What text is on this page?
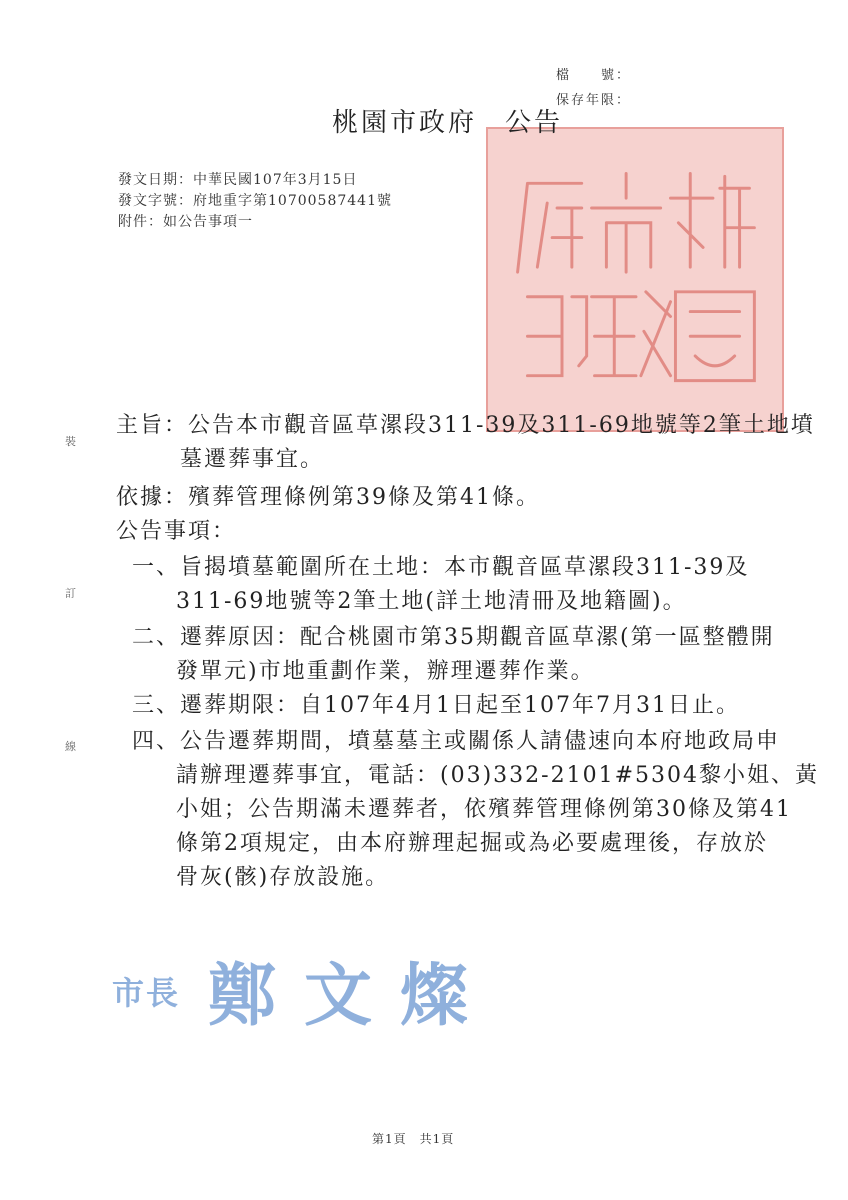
檔　　號：
保存年限：
桃園市政府 公告
發文日期：中華民國107年3月15日
發文字號：府地重字第10700587441號
附件：如公告事項一
裝
訂
線
主旨：公告本市觀音區草漯段311-39及311-69地號等2筆土地墳
墓遷葬事宜。
依據：殯葬管理條例第39條及第41條。
公告事項：
一、旨揭墳墓範圍所在土地：本市觀音區草漯段311-39及
311-69地號等2筆土地(詳土地清冊及地籍圖)。
二、遷葬原因：配合桃園市第35期觀音區草漯(第一區整體開
發單元)市地重劃作業，辦理遷葬作業。
三、遷葬期限：自107年4月1日起至107年7月31日止。
四、公告遷葬期間，墳墓墓主或關係人請儘速向本府地政局申
請辦理遷葬事宜，電話：(03)332-2101#5304黎小姐、黃
小姐；公告期滿未遷葬者，依殯葬管理條例第30條及第41
條第2項規定，由本府辦理起掘或為必要處理後，存放於
骨灰(骸)存放設施。
市長 鄭文燦
第1頁　共1頁
